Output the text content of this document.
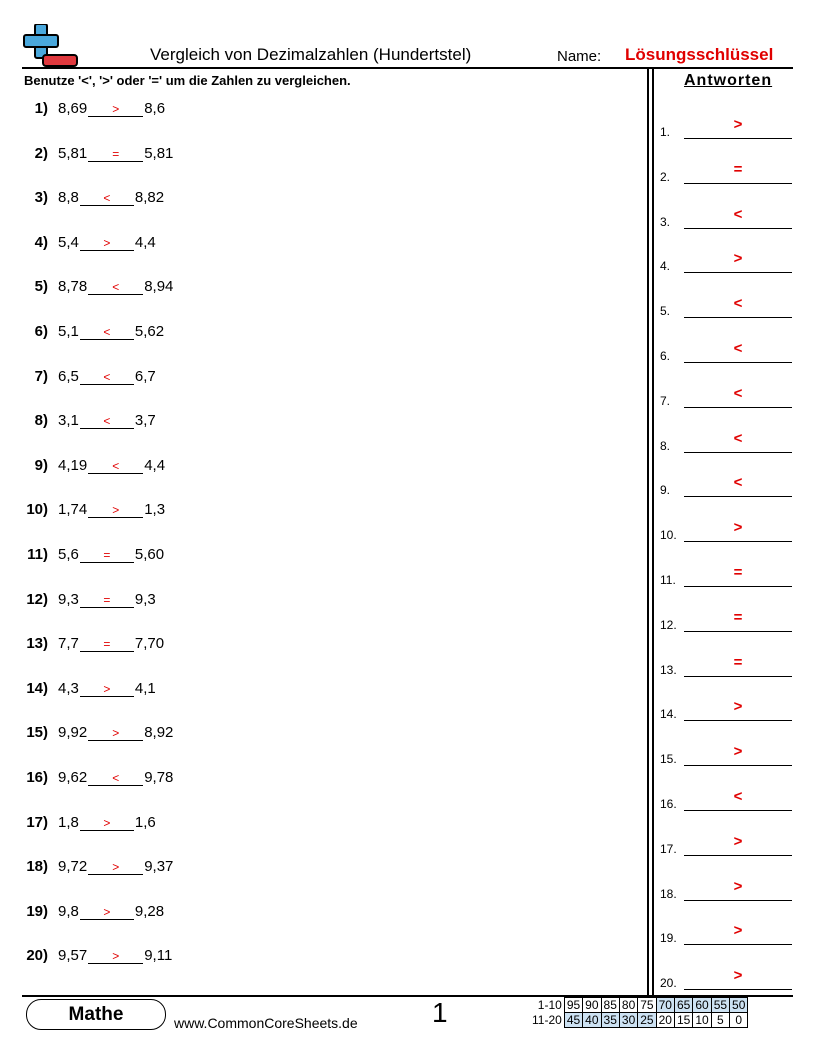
Vergleich von Dezimalzahlen (Hundertstel)	Name: Lösungsschlüssel
Benutze '<', '>' oder '=' um die Zahlen zu vergleichen.	Antworten
1) 8,69	>	8,6
2) 5,81	=	5,81
3) 8,8	<	8,82
4) 5,4	>	4,4
5) 8,78	<	8,94
6) 5,1	<	5,62
7) 6,5	<	6,7
8) 3,1	<	3,7
9) 4,19	<	4,4
10) 1,74	>	1,3
11) 5,6	=	5,60
12) 9,3	=	9,3
13) 7,7	=	7,70
14) 4,3	>	4,1
15) 9,92	>	8,92
16) 9,62	<	9,78
17) 1,8	>	1,6
18) 9,72	>	9,37
19) 9,8	>	9,28
20) 9,57	>	9,11
1.	>
2.	=
3.	<
4.	>
5.	<
6.	<
7.	<
8.	<
9.	<
10.	>
11.	=
12.	=
13.	=
14.	>
15.	>
16.	<
17.	>
18.	>
19.	>
20.	>
Mathe	www.CommonCoreSheets.de	1	1-10	95	90	85	80	75	70	65	60	55	50
11-20	45	40	35	30	25	20	15	10	5	0
